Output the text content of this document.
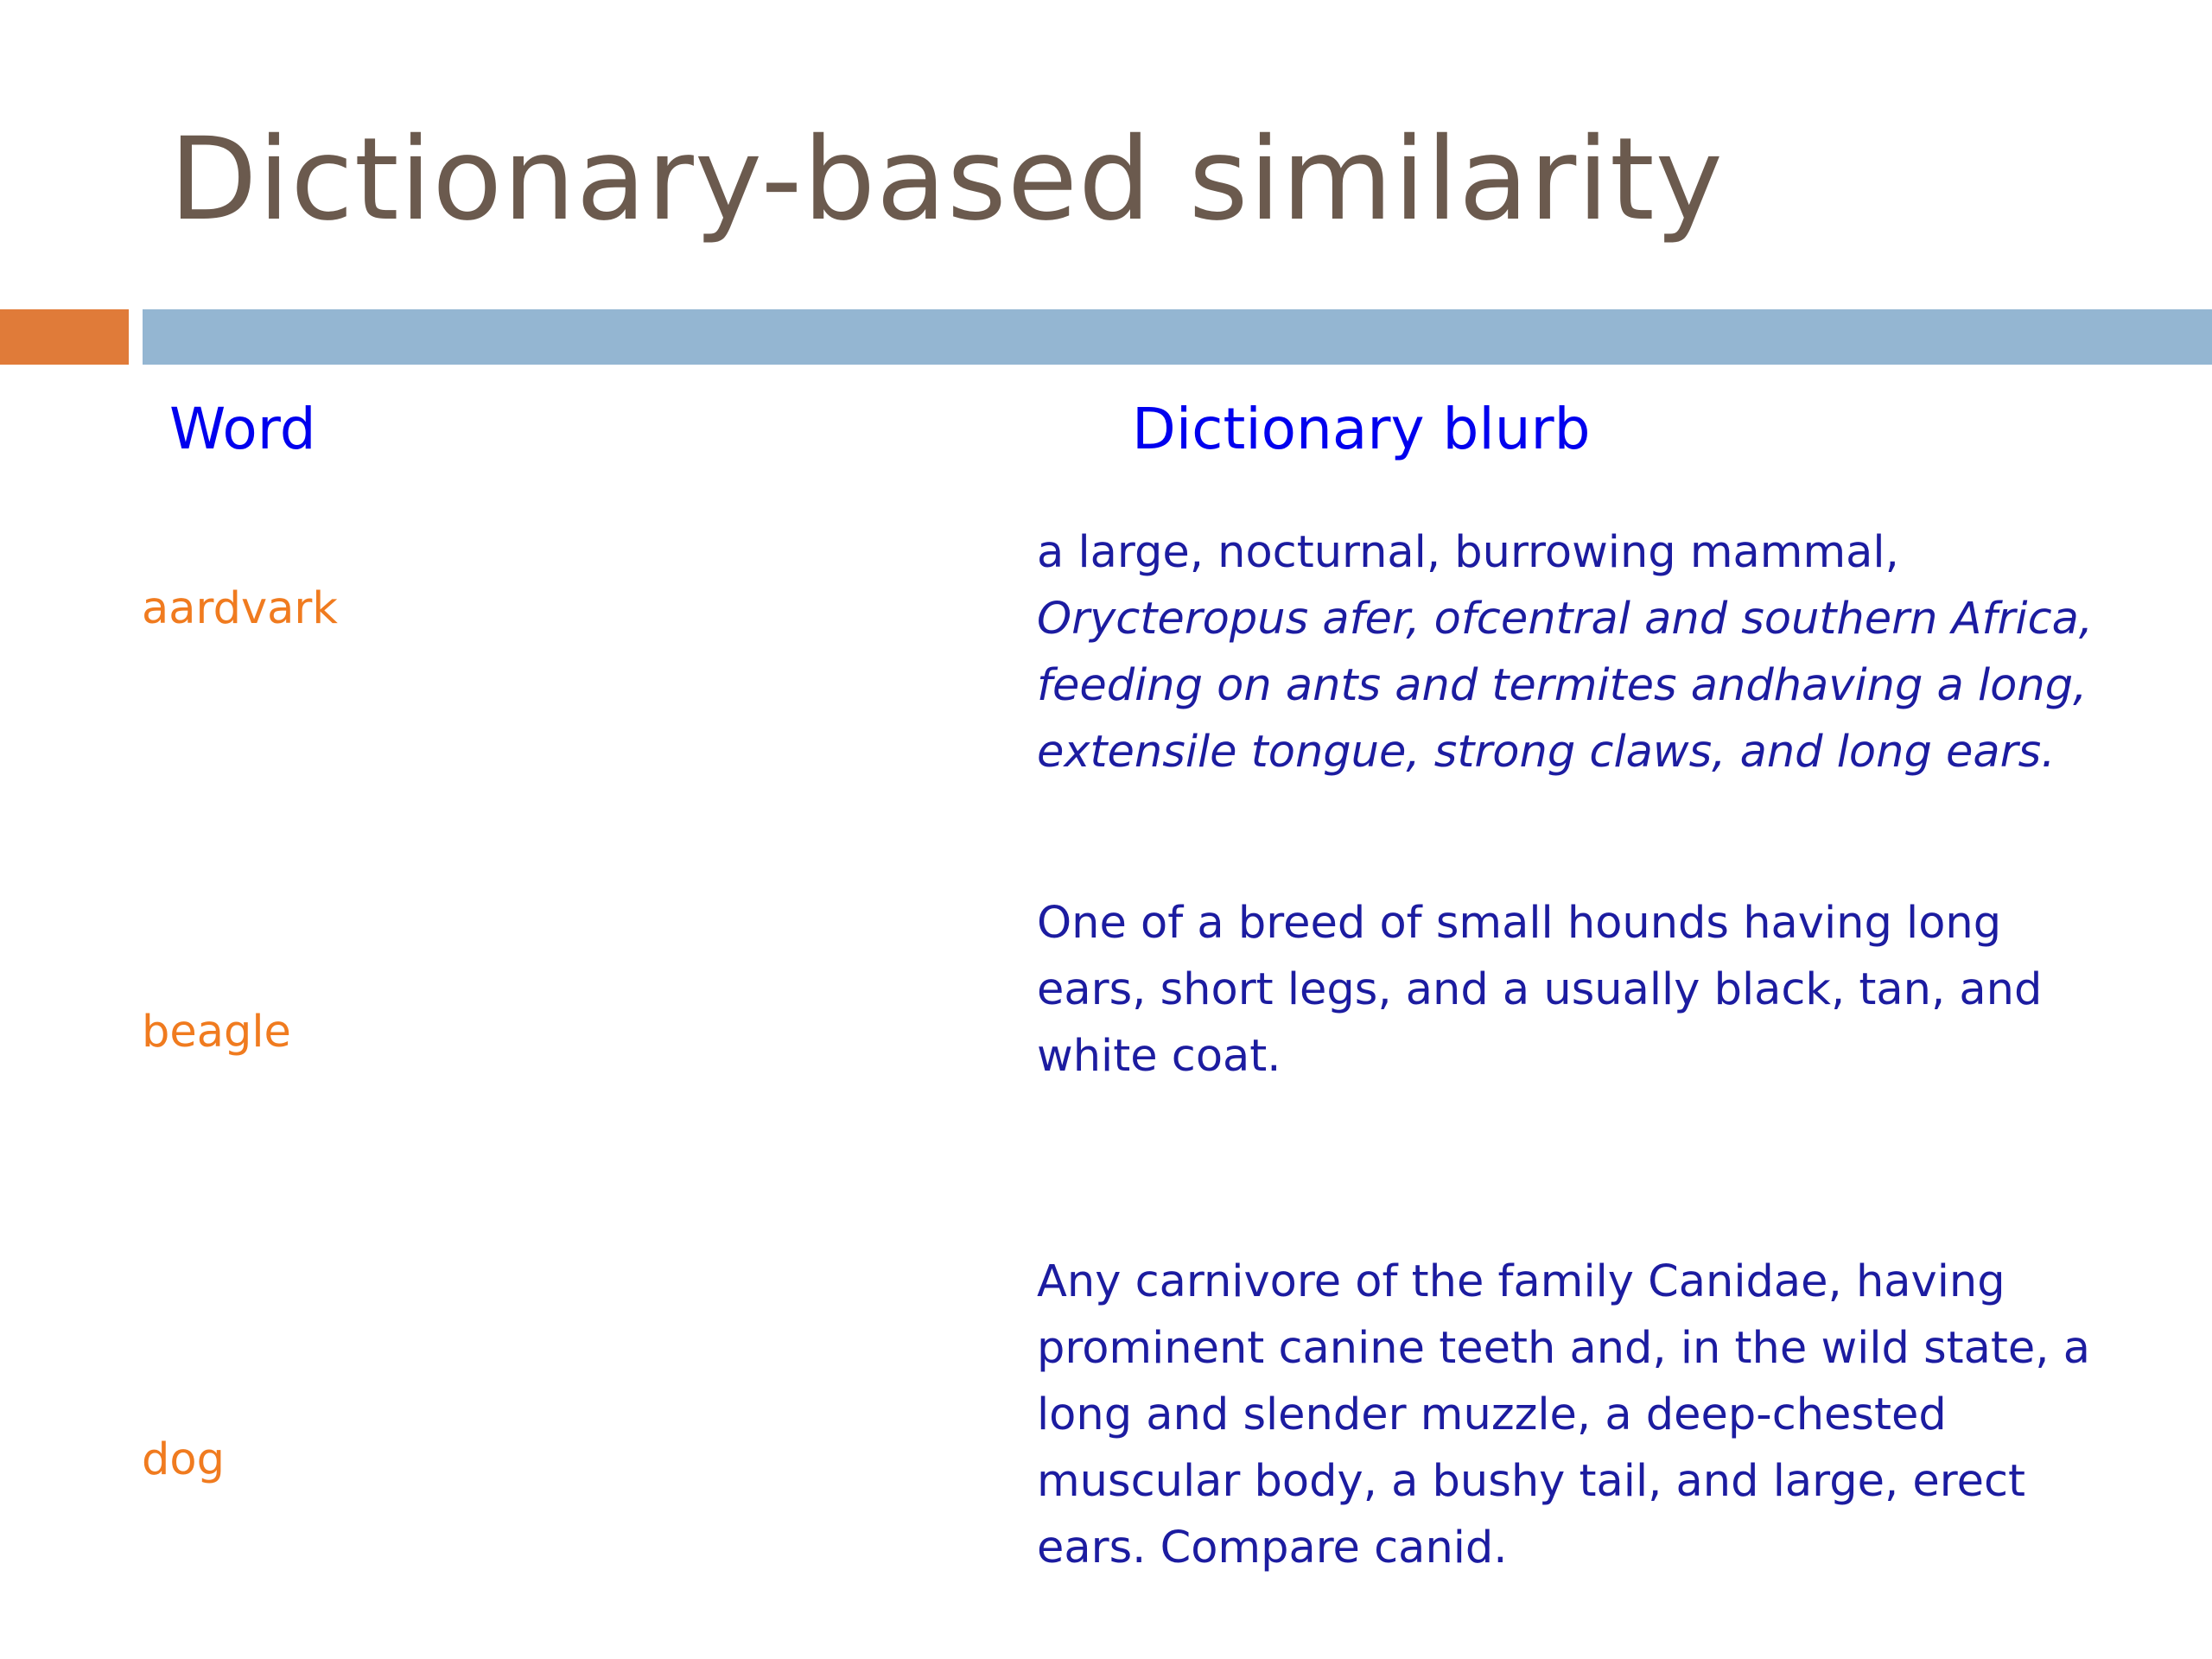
Dictionary-based similarity
Word	Dictionary blurb
aardvark

a large, nocturnal, burrowing mammal,
Orycteropus afer, ofcentral and southern Africa,
feeding on ants and termites andhaving a long,
extensile tongue, strong claws, and long ears.

beagle

One of a breed of small hounds having long
ears, short legs, and a usually black, tan, and
white coat.

dog

Any carnivore of the family Canidae, having
prominent canine teeth and, in the wild state, a
long and slender muzzle, a deep-chested
muscular body, a bushy tail, and large, erect
ears. Compare canid.
